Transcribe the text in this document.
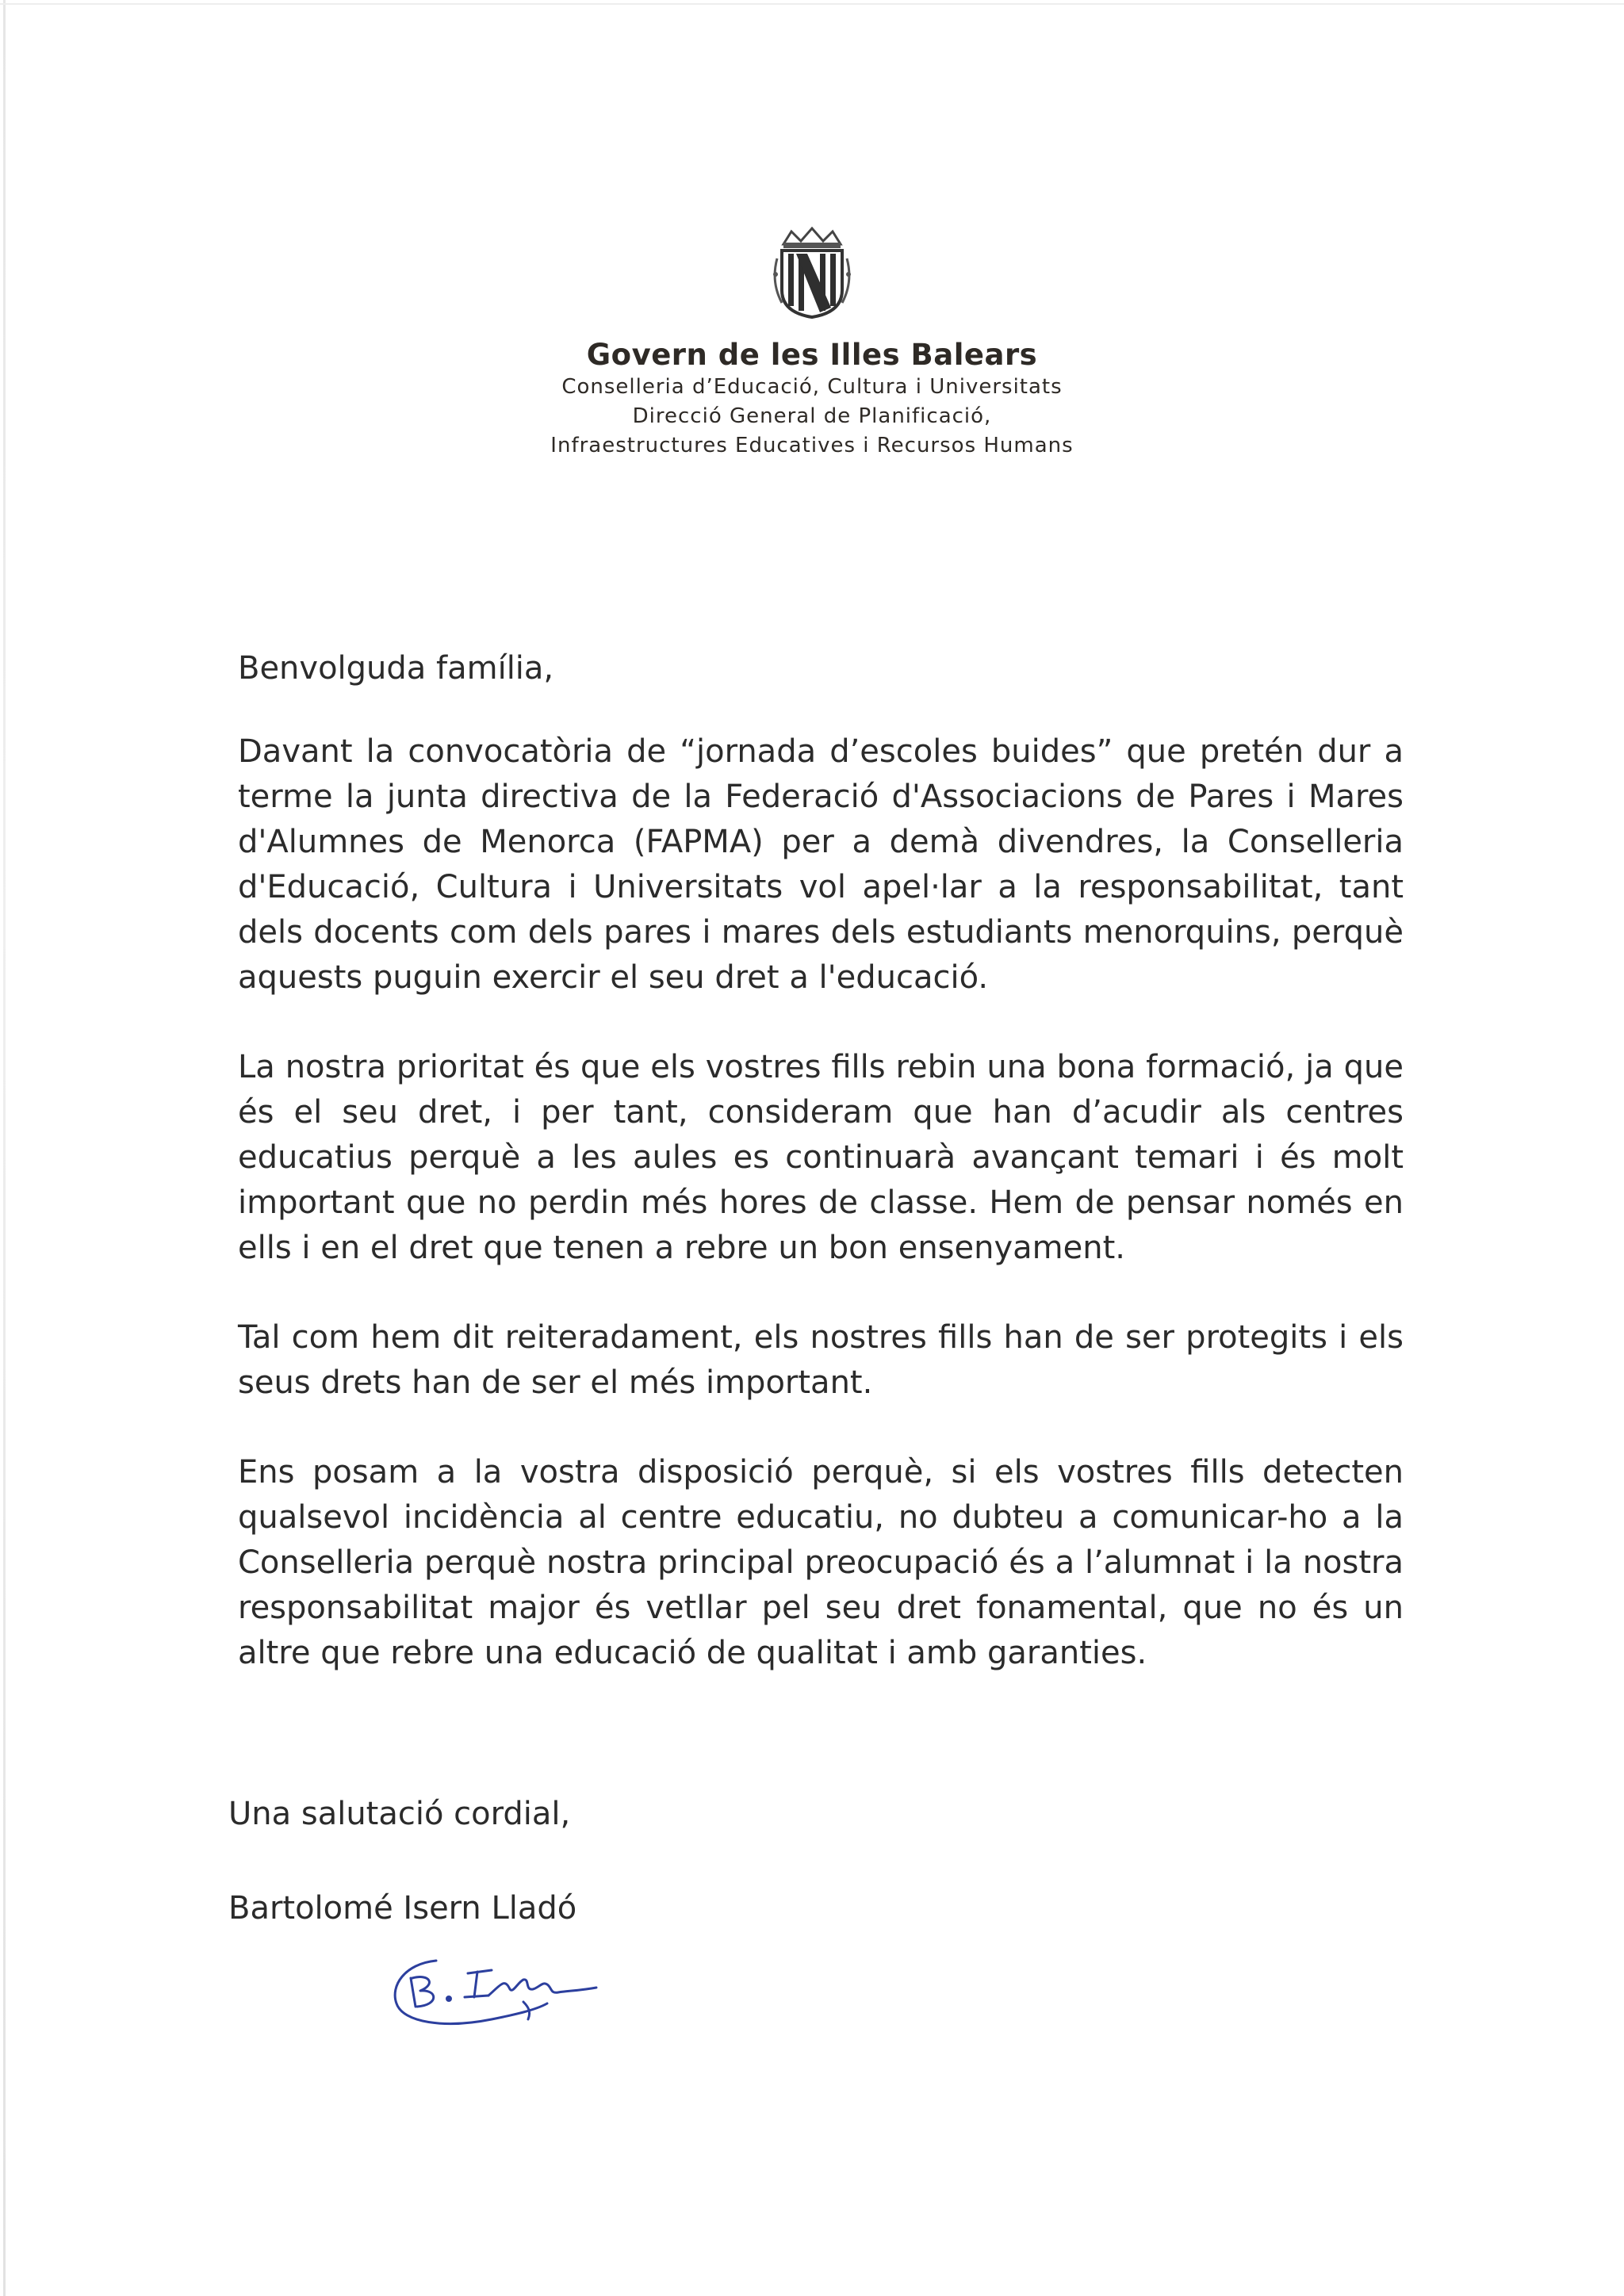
Govern de les Illes Balears
Conselleria d’Educació, Cultura i Universitats
Direcció General de Planificació,
Infraestructures Educatives i Recursos Humans

Benvolguda família,

Davant la convocatòria de “jornada d’escoles buides” que pretén dur a terme la junta directiva de la Federació d'Associacions de Pares i Mares d'Alumnes de Menorca (FAPMA) per a demà divendres, la Conselleria d'Educació, Cultura i Universitats vol apel·lar a la responsabilitat, tant dels docents com dels pares i mares dels estudiants menorquins, perquè aquests puguin exercir el seu dret a l'educació.

La nostra prioritat és que els vostres fills rebin una bona formació, ja que és el seu dret, i per tant, consideram que han d’acudir als centres educatius perquè a les aules es continuarà avançant temari i és molt important que no perdin més hores de classe. Hem de pensar només en ells i en el dret que tenen a rebre un bon ensenyament.

Tal com hem dit reiteradament, els nostres fills han de ser protegits i els seus drets han de ser el més important.

Ens posam a la vostra disposició perquè, si els vostres fills detecten qualsevol incidència al centre educatiu, no dubteu a comunicar-ho a la Conselleria perquè nostra principal preocupació és a l’alumnat i la nostra responsabilitat major és vetllar pel seu dret fonamental, que no és un altre que rebre una educació de qualitat i amb garanties.

Una salutació cordial,
Bartolomé Isern Lladó
